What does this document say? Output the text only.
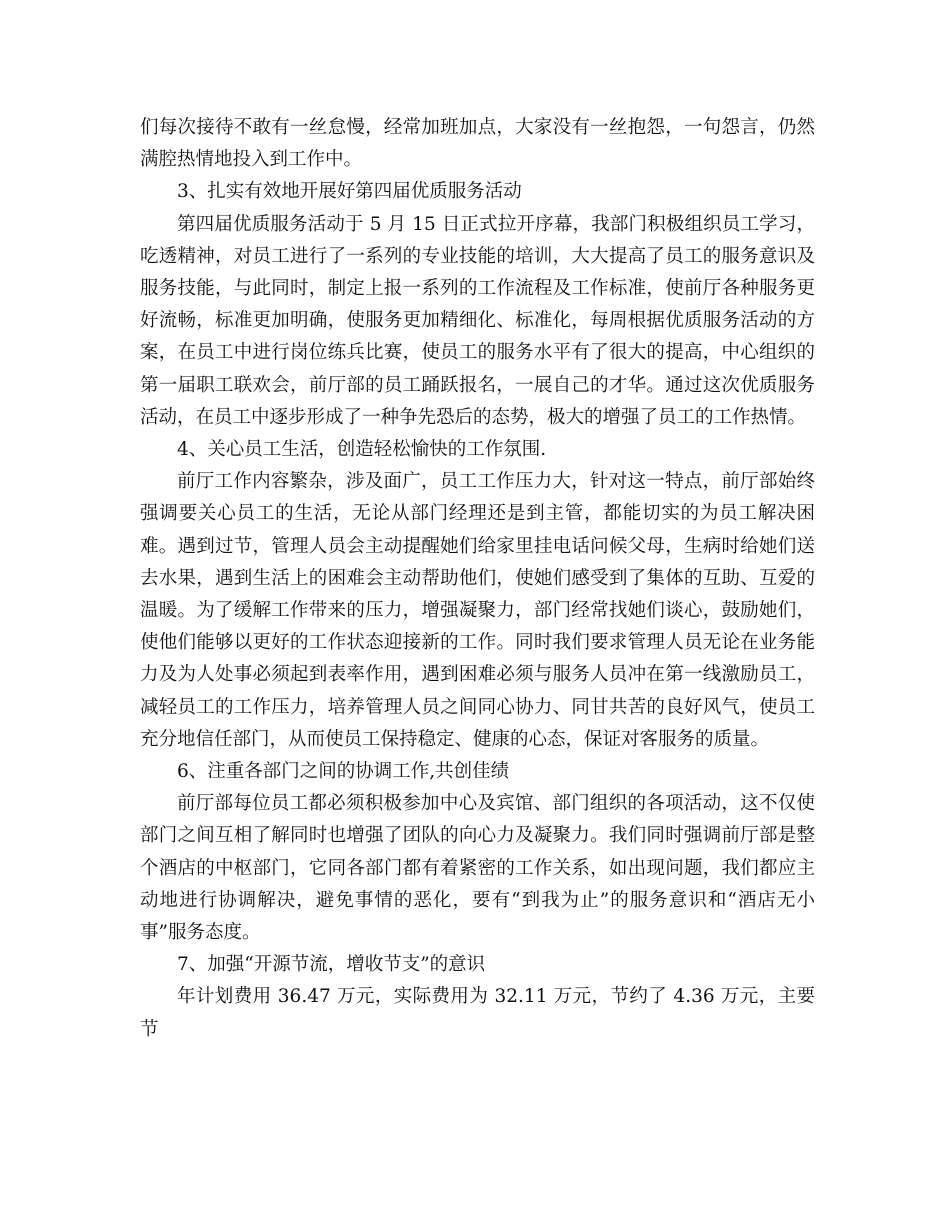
们每次接待不敢有一丝怠慢，经常加班加点，大家没有一丝抱怨，一句怨言，仍然满腔热情地投入到工作中。

3、扎实有效地开展好第四届优质服务活动

第四届优质服务活动于 5 月 15 日正式拉开序幕，我部门积极组织员工学习，吃透精神，对员工进行了一系列的专业技能的培训，大大提高了员工的服务意识及服务技能，与此同时，制定上报一系列的工作流程及工作标准，使前厅各种服务更好流畅，标准更加明确，使服务更加精细化、标准化，每周根据优质服务活动的方案，在员工中进行岗位练兵比赛，使员工的服务水平有了很大的提高，中心组织的第一届职工联欢会，前厅部的员工踊跃报名，一展自己的才华。通过这次优质服务活动，在员工中逐步形成了一种争先恐后的态势，极大的增强了员工的工作热情。

4、关心员工生活，创造轻松愉快的工作氛围.

前厅工作内容繁杂，涉及面广，员工工作压力大，针对这一特点，前厅部始终强调要关心员工的生活，无论从部门经理还是到主管，都能切实的为员工解决困难。遇到过节，管理人员会主动提醒她们给家里挂电话问候父母，生病时给她们送去水果，遇到生活上的困难会主动帮助他们，使她们感受到了集体的互助、互爱的温暖。为了缓解工作带来的压力，增强凝聚力，部门经常找她们谈心，鼓励她们，使他们能够以更好的工作状态迎接新的工作。同时我们要求管理人员无论在业务能力及为人处事必须起到表率作用，遇到困难必须与服务人员冲在第一线激励员工，减轻员工的工作压力，培养管理人员之间同心协力、同甘共苦的良好风气，使员工充分地信任部门，从而使员工保持稳定、健康的心态，保证对客服务的质量。

6、注重各部门之间的协调工作,共创佳绩

前厅部每位员工都必须积极参加中心及宾馆、部门组织的各项活动，这不仅使部门之间互相了解同时也增强了团队的向心力及凝聚力。我们同时强调前厅部是整个酒店的中枢部门，它同各部门都有着紧密的工作关系，如出现问题，我们都应主动地进行协调解决，避免事情的恶化，要有“到我为止”的服务意识和“酒店无小事”服务态度。

7、加强“开源节流，增收节支”的意识

年计划费用 36.47 万元，实际费用为 32.11 万元，节约了 4.36 万元，主要节
